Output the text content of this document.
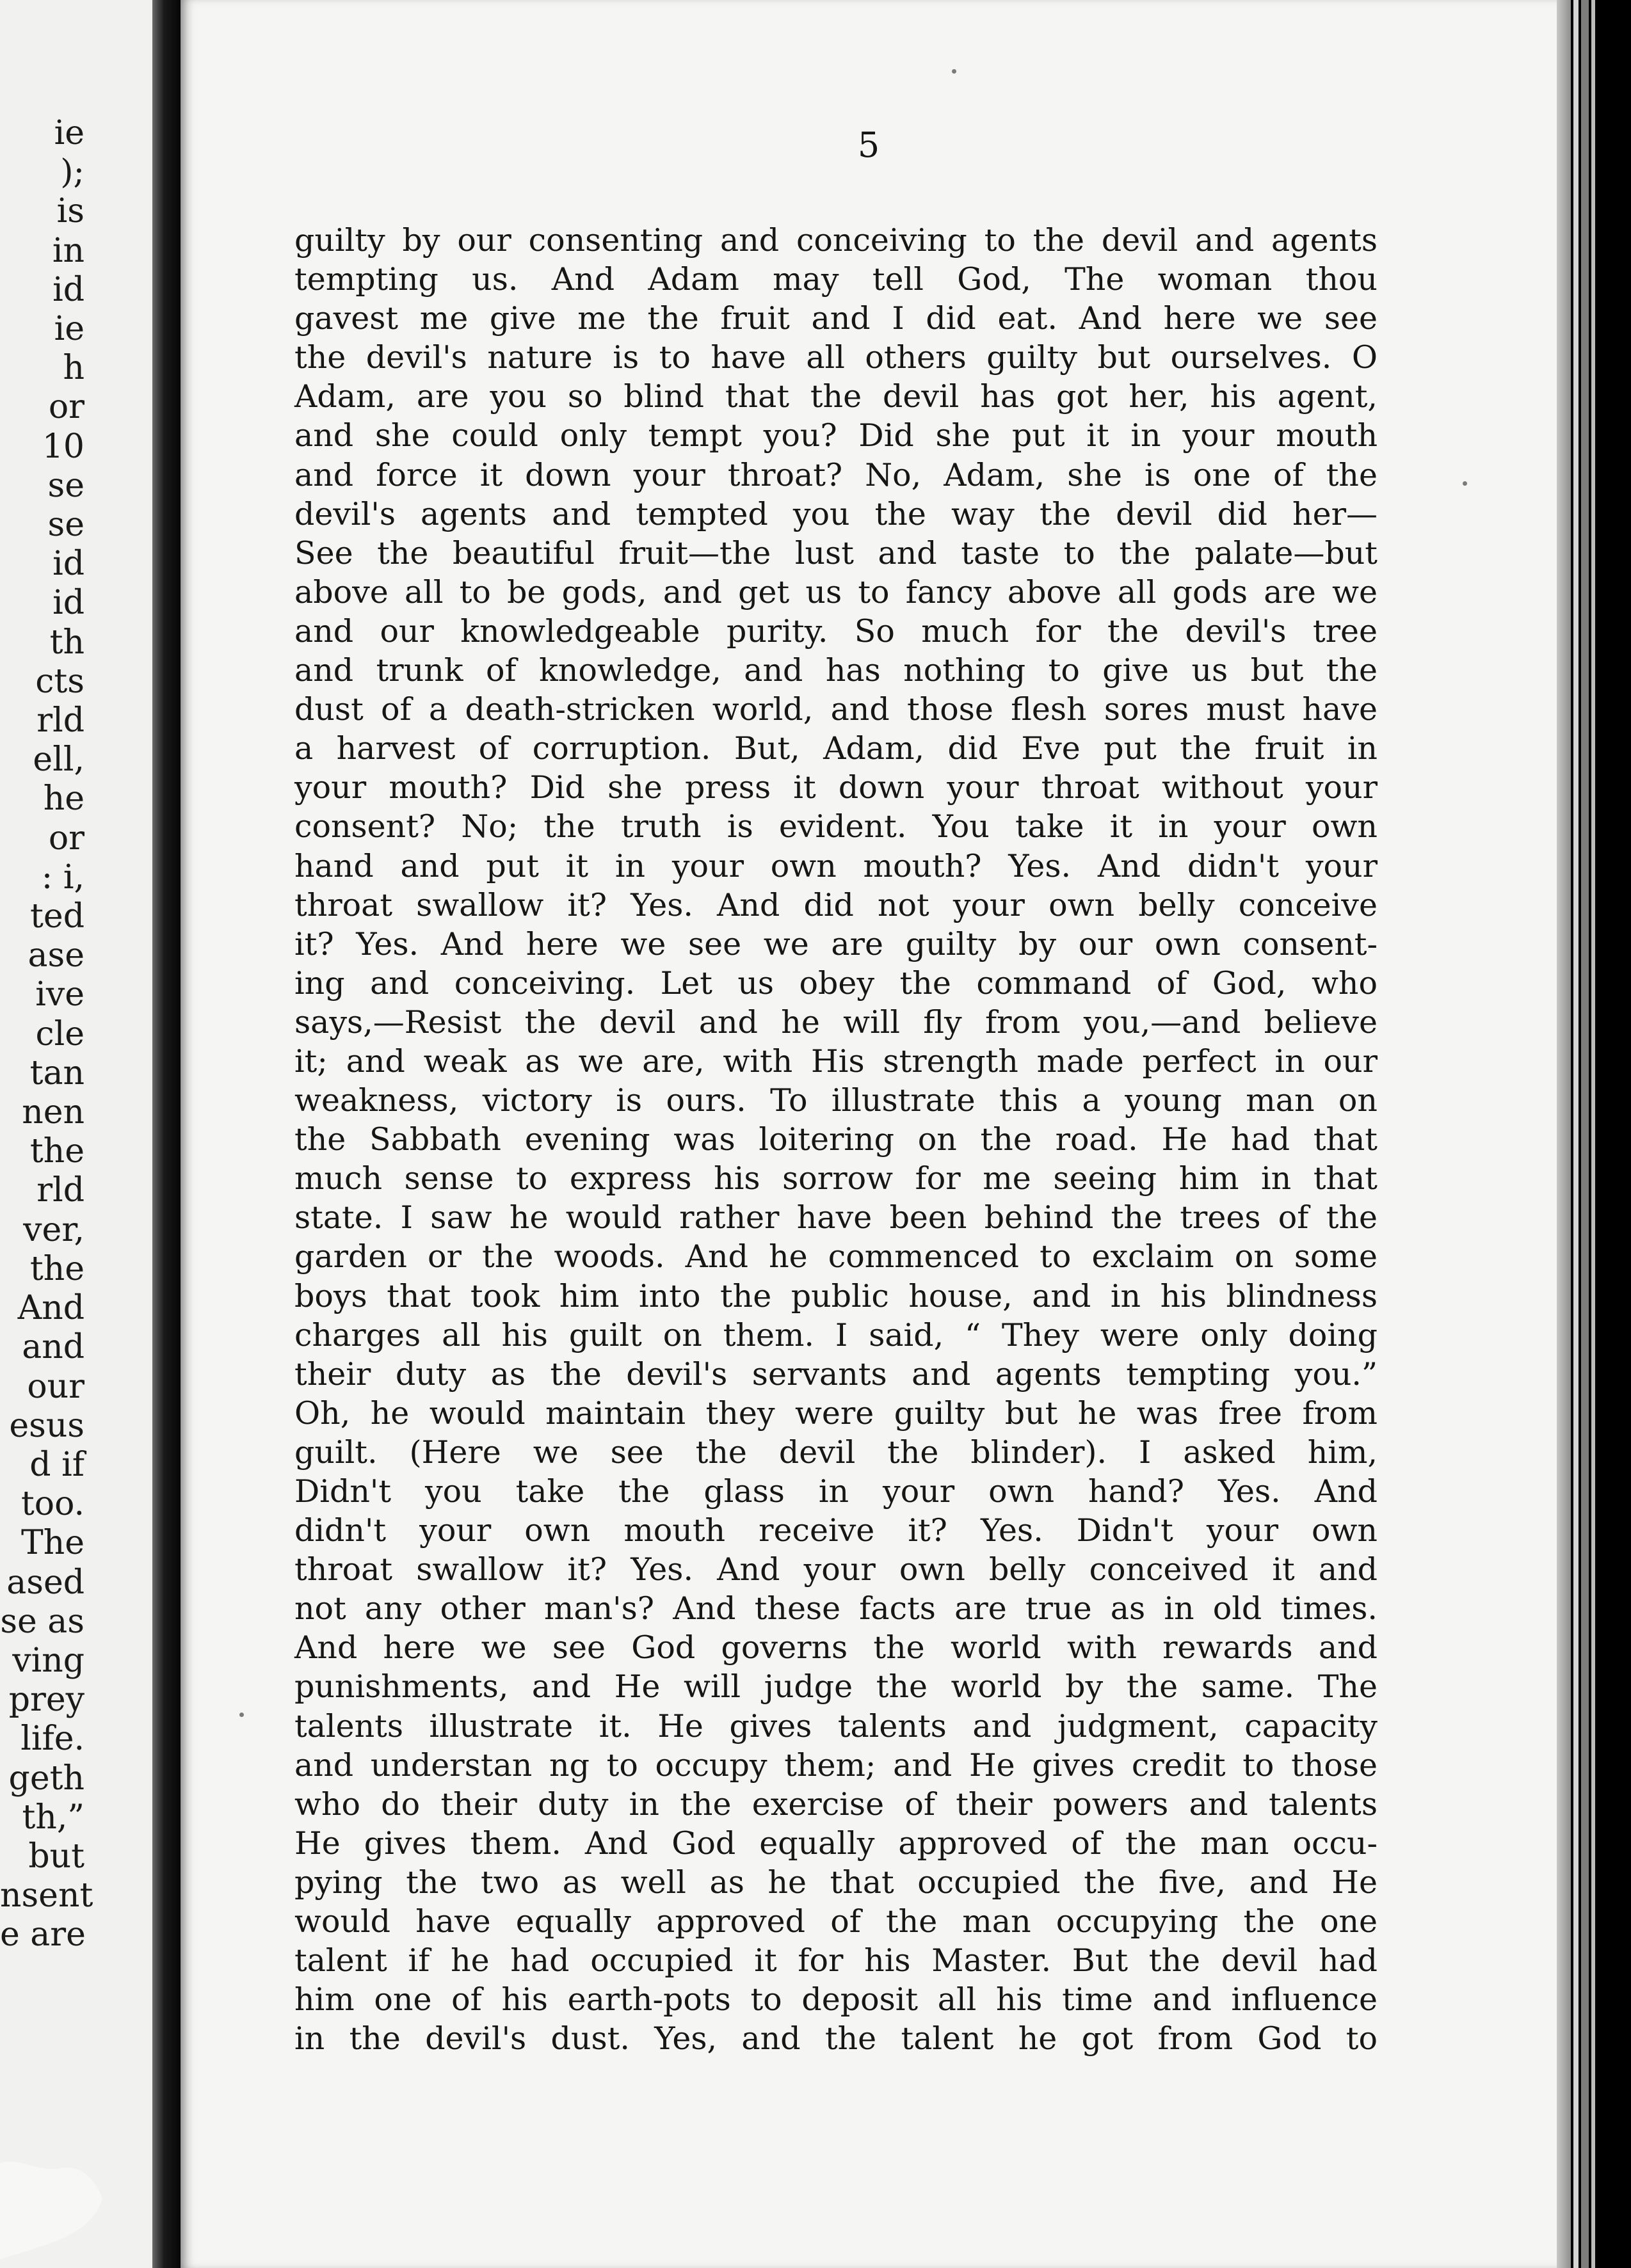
ie
);
is
in
id
ie
h
or
10
se
se
id
id
th
cts
rld
ell,
he
or
: i,
ted
ase
ive
cle
tan
nen
the
rld
ver,
the
And
and
our
esus
d if
too.
The
ased
se as
ving
prey
life.
geth
th,”
but
nsent
e are
5
guilty by our consenting and conceiving to the devil and agents
tempting us. And Adam may tell God, The woman thou
gavest me give me the fruit and I did eat. And here we see
the devil's nature is to have all others guilty but ourselves. O
Adam, are you so blind that the devil has got her, his agent,
and she could only tempt you? Did she put it in your mouth
and force it down your throat? No, Adam, she is one of the
devil's agents and tempted you the way the devil did her—
See the beautiful fruit—the lust and taste to the palate—but
above all to be gods, and get us to fancy above all gods are we
and our knowledgeable purity. So much for the devil's tree
and trunk of knowledge, and has nothing to give us but the
dust of a death-stricken world, and those flesh sores must have
a harvest of corruption. But, Adam, did Eve put the fruit in
your mouth? Did she press it down your throat without your
consent? No; the truth is evident. You take it in your own
hand and put it in your own mouth? Yes. And didn't your
throat swallow it? Yes. And did not your own belly conceive
it? Yes. And here we see we are guilty by our own consent-
ing and conceiving. Let us obey the command of God, who
says,—Resist the devil and he will fly from you,—and believe
it; and weak as we are, with His strength made perfect in our
weakness, victory is ours. To illustrate this a young man on
the Sabbath evening was loitering on the road. He had that
much sense to express his sorrow for me seeing him in that
state. I saw he would rather have been behind the trees of the
garden or the woods. And he commenced to exclaim on some
boys that took him into the public house, and in his blindness
charges all his guilt on them. I said, “ They were only doing
their duty as the devil's servants and agents tempting you.”
Oh, he would maintain they were guilty but he was free from
guilt. (Here we see the devil the blinder). I asked him,
Didn't you take the glass in your own hand? Yes. And
didn't your own mouth receive it? Yes. Didn't your own
throat swallow it? Yes. And your own belly conceived it and
not any other man's? And these facts are true as in old times.
And here we see God governs the world with rewards and
punishments, and He will judge the world by the same. The
talents illustrate it. He gives talents and judgment, capacity
and understan ng to occupy them; and He gives credit to those
who do their duty in the exercise of their powers and talents
He gives them. And God equally approved of the man occu-
pying the two as well as he that occupied the five, and He
would have equally approved of the man occupying the one
talent if he had occupied it for his Master. But the devil had
him one of his earth-pots to deposit all his time and influence
in the devil's dust. Yes, and the talent he got from God to
